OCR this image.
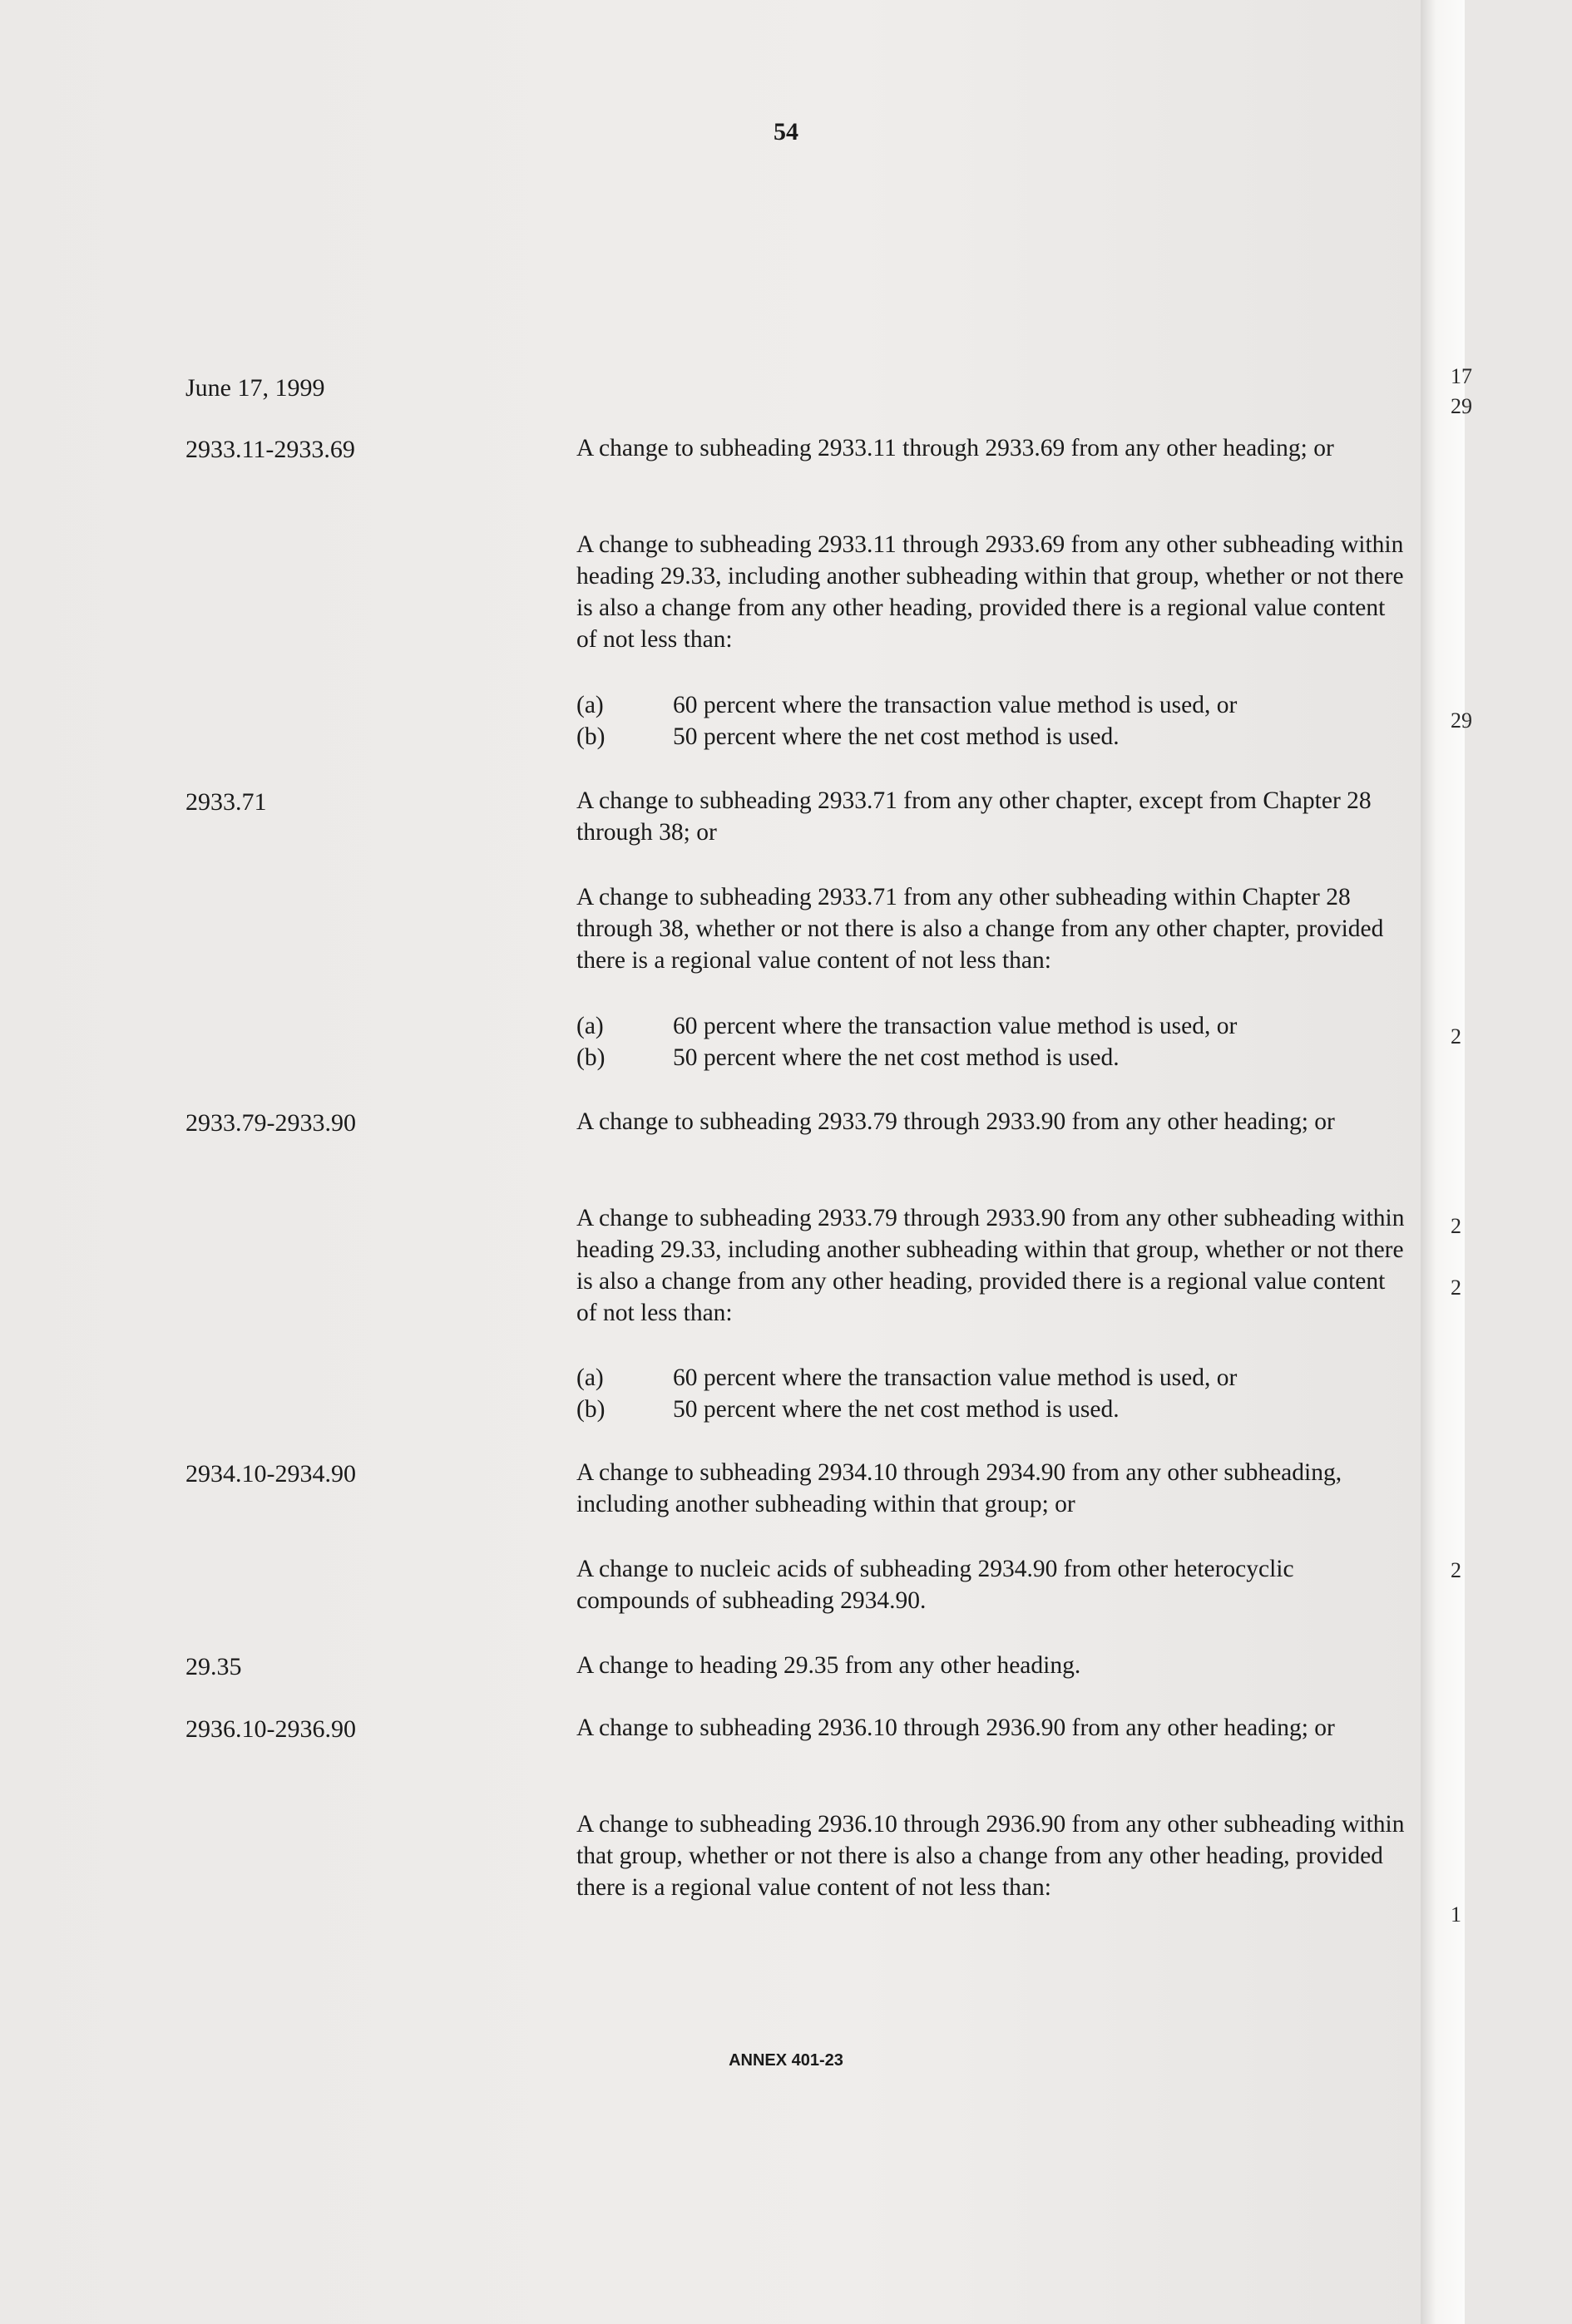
54
June 17, 1999
2933.11-2933.69	A change to subheading 2933.11 through 2933.69 from any other heading; or
A change to subheading 2933.11 through 2933.69 from any other subheading within heading 29.33, including another subheading within that group, whether or not there is also a change from any other heading, provided there is a regional value content of not less than:
(a)	60 percent where the transaction value method is used, or
(b)	50 percent where the net cost method is used.
2933.71	A change to subheading 2933.71 from any other chapter, except from Chapter 28 through 38; or
A change to subheading 2933.71 from any other subheading within Chapter 28 through 38, whether or not there is also a change from any other chapter, provided there is a regional value content of not less than:
(a)	60 percent where the transaction value method is used, or
(b)	50 percent where the net cost method is used.
2933.79-2933.90	A change to subheading 2933.79 through 2933.90 from any other heading; or
A change to subheading 2933.79 through 2933.90 from any other subheading within heading 29.33, including another subheading within that group, whether or not there is also a change from any other heading, provided there is a regional value content of not less than:
(a)	60 percent where the transaction value method is used, or
(b)	50 percent where the net cost method is used.
2934.10-2934.90	A change to subheading 2934.10 through 2934.90 from any other subheading, including another subheading within that group; or
A change to nucleic acids of subheading 2934.90 from other heterocyclic compounds of subheading 2934.90.
29.35	A change to heading 29.35 from any other heading.
2936.10-2936.90	A change to subheading 2936.10 through 2936.90 from any other heading; or
A change to subheading 2936.10 through 2936.90 from any other subheading within that group, whether or not there is also a change from any other heading, provided there is a regional value content of not less than:
ANNEX 401-23
17
29
29
2
2
2
2
1
